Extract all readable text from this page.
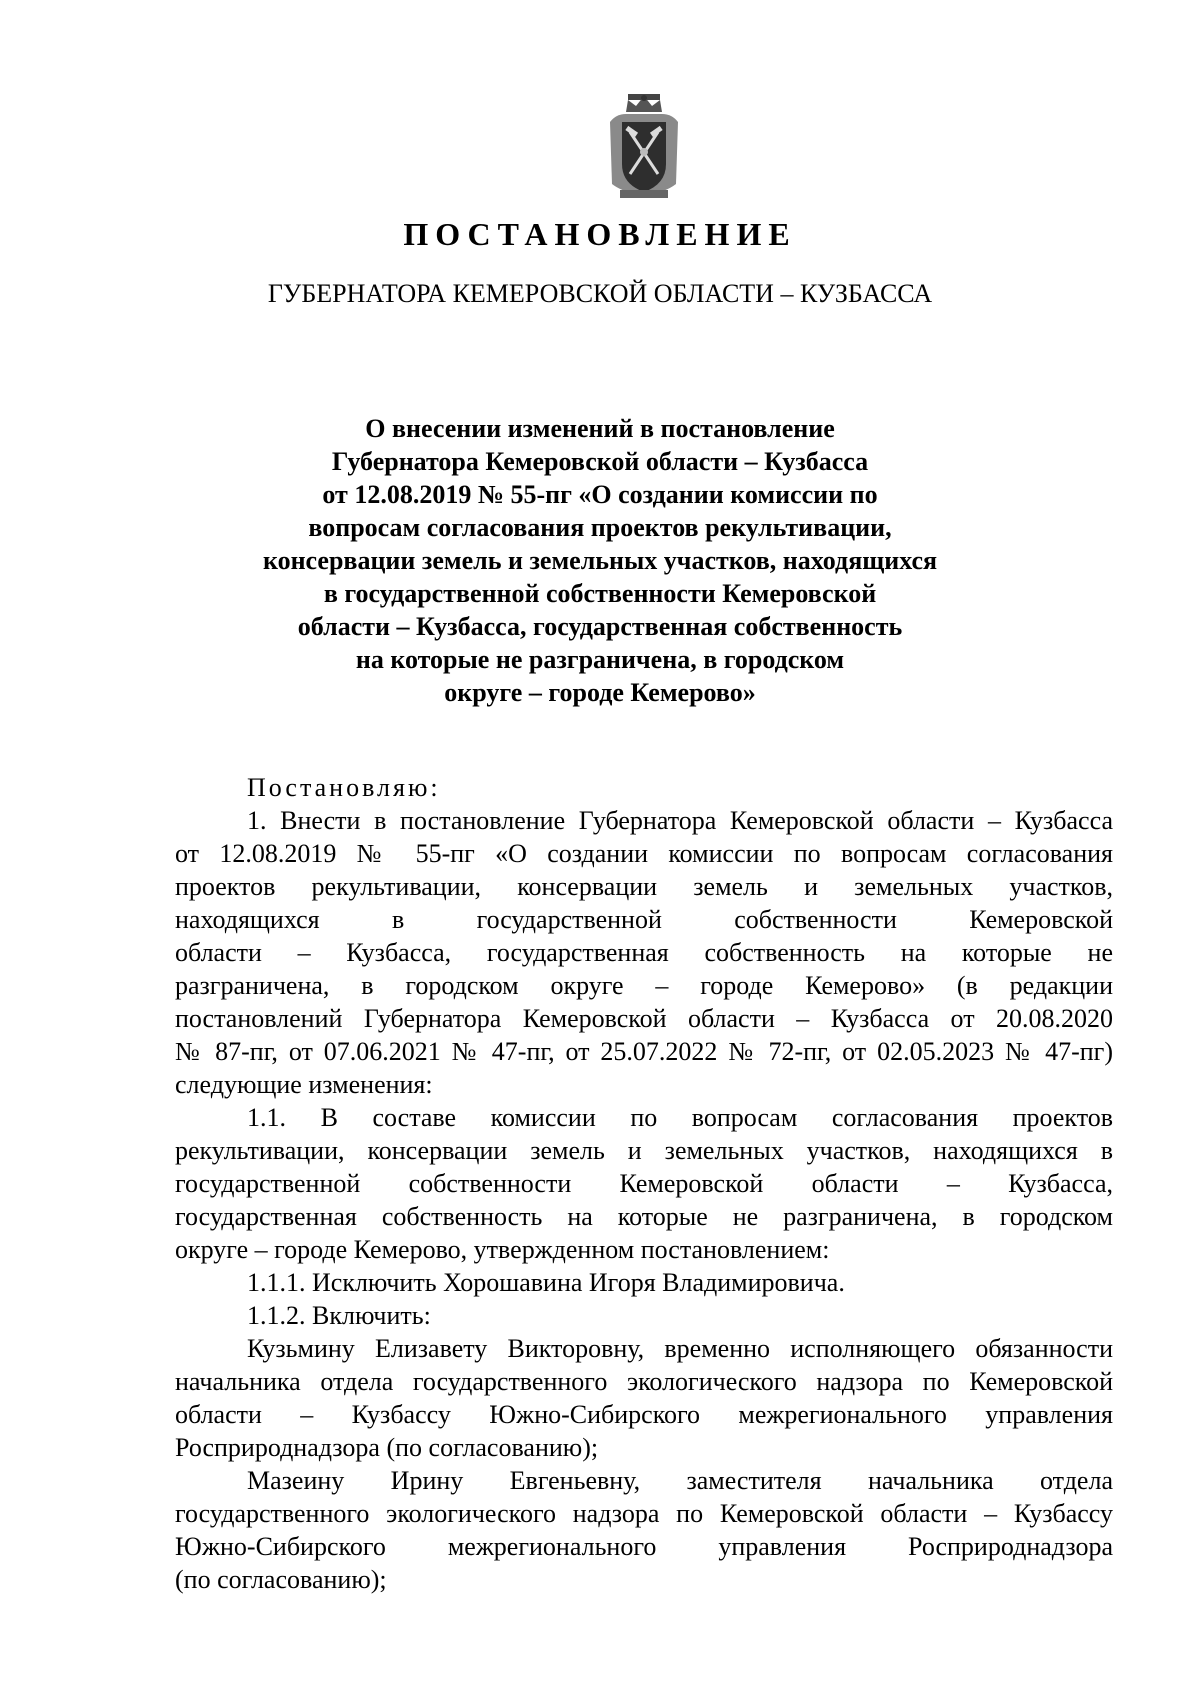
ПОСТАНОВЛЕНИЕ
ГУБЕРНАТОРА КЕМЕРОВСКОЙ ОБЛАСТИ – КУЗБАССА
О внесении изменений в постановление
Губернатора Кемеровской области – Кузбасса
от 12.08.2019 № 55-пг «О создании комиссии по
вопросам согласования проектов рекультивации,
консервации земель и земельных участков, находящихся
в государственной собственности Кемеровской
области – Кузбасса, государственная собственность
на которые не разграничена, в городском
округе – городе Кемерово»
Постановляю:
1. Внести в постановление Губернатора Кемеровской области – Кузбасса
от 12.08.2019 № 55-пг «О создании комиссии по вопросам согласования
проектов рекультивации, консервации земель и земельных участков,
находящихся в государственной собственности Кемеровской
области – Кузбасса, государственная собственность на которые не
разграничена, в городском округе – городе Кемерово» (в редакции
постановлений Губернатора Кемеровской области – Кузбасса от 20.08.2020
№ 87-пг, от 07.06.2021 № 47-пг, от 25.07.2022 № 72-пг, от 02.05.2023 № 47-пг)
следующие изменения:
1.1. В составе комиссии по вопросам согласования проектов
рекультивации, консервации земель и земельных участков, находящихся в
государственной собственности Кемеровской области – Кузбасса,
государственная собственность на которые не разграничена, в городском
округе – городе Кемерово, утвержденном постановлением:
1.1.1. Исключить Хорошавина Игоря Владимировича.
1.1.2. Включить:
Кузьмину Елизавету Викторовну, временно исполняющего обязанности
начальника отдела государственного экологического надзора по Кемеровской
области – Кузбассу Южно-Сибирского межрегионального управления
Росприроднадзора (по согласованию);
Мазеину Ирину Евгеньевну, заместителя начальника отдела
государственного экологического надзора по Кемеровской области – Кузбассу
Южно-Сибирского межрегионального управления Росприроднадзора
(по согласованию);
